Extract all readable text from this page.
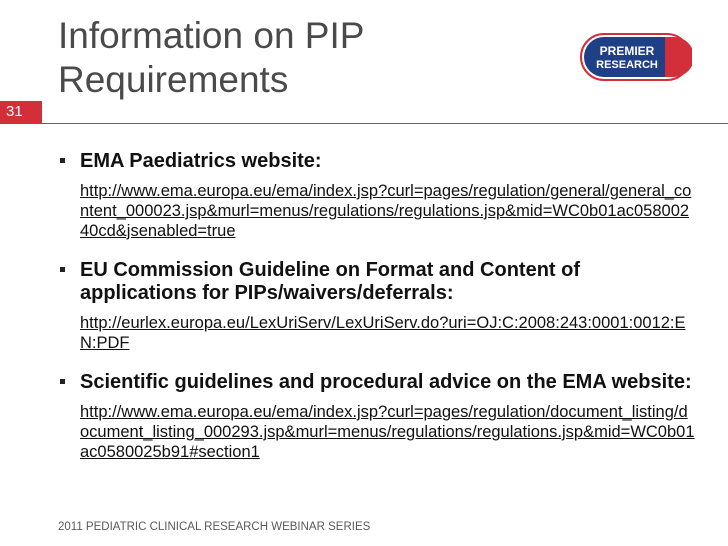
Information on PIP
Requirements
PREMIER
RESEARCH
31
EMA Paediatrics website:
http://www.ema.europa.eu/ema/index.jsp?curl=pages/regulation/general/general_content_000023.jsp&murl=menus/regulations/regulations.jsp&mid=WC0b01ac05800240cd&jsenabled=true
EU Commission Guideline on Format and Content of applications for PIPs/waivers/deferrals:
http://eurlex.europa.eu/LexUriServ/LexUriServ.do?uri=OJ:C:2008:243:0001:0012:EN:PDF
Scientific guidelines and procedural advice on the EMA website:
http://www.ema.europa.eu/ema/index.jsp?curl=pages/regulation/document_listing/document_listing_000293.jsp&murl=menus/regulations/regulations.jsp&mid=WC0b01ac0580025b91#section1
2011 PEDIATRIC CLINICAL RESEARCH WEBINAR SERIES
